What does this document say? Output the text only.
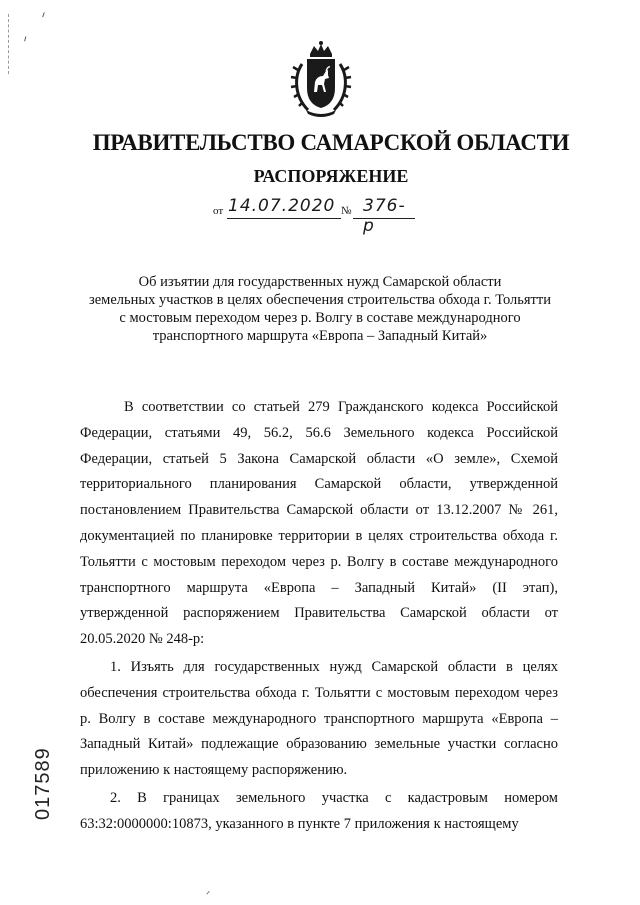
ᐟ
ᐟ
ПРАВИТЕЛЬСТВО САМАРСКОЙ ОБЛАСТИ
РАСПОРЯЖЕНИЕ
от 14.07.2020 № 376-р
Об изъятии для государственных нужд Самарской области
земельных участков в целях обеспечения строительства обхода г. Тольятти
с мостовым переходом через р. Волгу в составе международного
транспортного маршрута «Европа – Западный Китай»

В соответствии со статьей 279 Гражданского кодекса Российской Федерации, статьями 49, 56.2, 56.6 Земельного кодекса Российской Федерации, статьей 5 Закона Самарской области «О земле», Схемой территориального планирования Самарской области, утвержденной постановлением Правительства Самарской области от 13.12.2007 № 261, документацией по планировке территории в целях строительства обхода г. Тольятти с мостовым переходом через р. Волгу в составе международного транспортного маршрута «Европа – Западный Китай» (II этап), утвержденной распоряжением Правительства Самарской области от 20.05.2020 № 248-р:

1. Изъять для государственных нужд Самарской области в целях обеспечения строительства обхода г. Тольятти с мостовым переходом через р. Волгу в составе международного транспортного маршрута «Европа – Западный Китай» подлежащие образованию земельные участки согласно приложению к настоящему распоряжению.

2. В границах земельного участка с кадастровым номером 63:32:0000000:10873, указанного в пункте 7 приложения к настоящему

017589
ᐟ
